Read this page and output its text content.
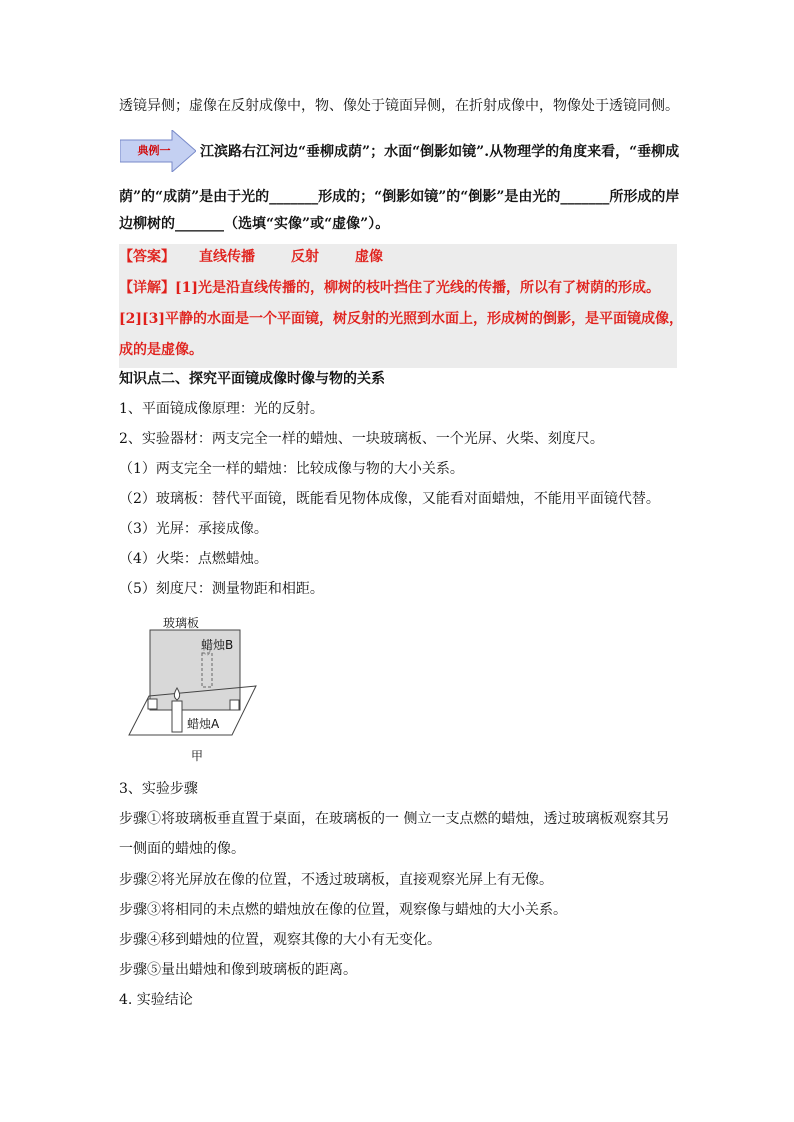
透镜异侧；虚像在反射成像中，物、像处于镜面异侧，在折射成像中，物像处于透镜同侧。
典例一	江滨路右江河边“垂柳成荫”；水面“倒影如镜”.从物理学的角度来看，“垂柳成
荫”的“成荫”是由于光的_______形成的；“倒影如镜”的“倒影”是由光的_______所形成的岸
边柳树的_______（选填“实像”或“虚像”）。
【答案】 直线传播	反射	虚像
【详解】[1]光是沿直线传播的，柳树的枝叶挡住了光线的传播，所以有了树荫的形成。
[2][3]平静的水面是一个平面镜，树反射的光照到水面上，形成树的倒影，是平面镜成像，
成的是虚像。
知识点二、探究平面镜成像时像与物的关系
1、平面镜成像原理：光的反射。
2、实验器材：两支完全一样的蜡烛、一块玻璃板、一个光屏、火柴、刻度尺。
（1）两支完全一样的蜡烛：比较成像与物的大小关系。
（2）玻璃板：替代平面镜，既能看见物体成像，又能看对面蜡烛，不能用平面镜代替。
（3）光屏：承接成像。
（4）火柴：点燃蜡烛。
（5）刻度尺：测量物距和相距。
玻璃板
蜡烛B
蜡烛A
甲
3、实验步骤
步骤①将玻璃板垂直置于桌面，在玻璃板的一 侧立一支点燃的蜡烛，透过玻璃板观察其另
一侧面的蜡烛的像。
步骤②将光屏放在像的位置，不透过玻璃板，直接观察光屏上有无像。
步骤③将相同的未点燃的蜡烛放在像的位置，观察像与蜡烛的大小关系。
步骤④移到蜡烛的位置，观察其像的大小有无变化。
步骤⑤量出蜡烛和像到玻璃板的距离。
4. 实验结论
